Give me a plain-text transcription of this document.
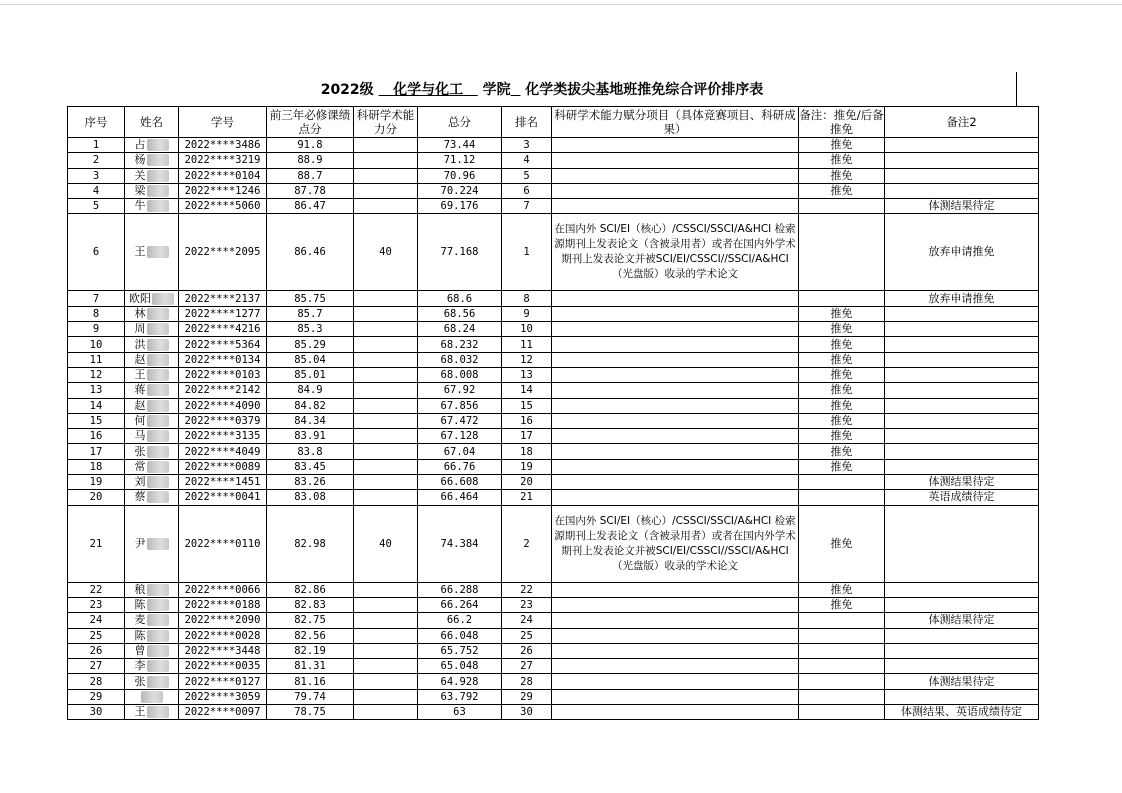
2022级 化学与化工 学院 化学类拔尖基地班推免综合评价排序表
序号	姓名	学号	前三年必修课绩点分	科研学术能力分	总分	排名	科研学术能力赋分项目（具体竞赛项目、科研成果）	备注：推免/后备推免	备注2
1	占	2022****3486	91.8		73.44	3		推免	
2	杨	2022****3219	88.9		71.12	4		推免	
3	关	2022****0104	88.7		70.96	5		推免	
4	梁	2022****1246	87.78		70.224	6		推免	
5	牛	2022****5060	86.47		69.176	7			体测结果待定
6	王	2022****2095	86.46	40	77.168	1	在国内外 SCI/EI（核心）/CSSCI/SSCI/A&HCI 检索源期刊上发表论文（含被录用者）或者在国内外学术期刊上发表论文并被SCI/EI/CSSCI//SSCI/A&HCI（光盘版）收录的学术论文		放弃申请推免
7	欧阳	2022****2137	85.75		68.6	8			放弃申请推免
8	林	2022****1277	85.7		68.56	9		推免	
9	周	2022****4216	85.3		68.24	10		推免	
10	洪	2022****5364	85.29		68.232	11		推免	
11	赵	2022****0134	85.04		68.032	12		推免	
12	王	2022****0103	85.01		68.008	13		推免	
13	蒋	2022****2142	84.9		67.92	14		推免	
14	赵	2022****4090	84.82		67.856	15		推免	
15	何	2022****0379	84.34		67.472	16		推免	
16	马	2022****3135	83.91		67.128	17		推免	
17	张	2022****4049	83.8		67.04	18		推免	
18	常	2022****0089	83.45		66.76	19		推免	
19	刘	2022****1451	83.26		66.608	20			体测结果待定
20	蔡	2022****0041	83.08		66.464	21			英语成绩待定
21	尹	2022****0110	82.98	40	74.384	2	在国内外 SCI/EI（核心）/CSSCI/SSCI/A&HCI 检索源期刊上发表论文（含被录用者）或者在国内外学术期刊上发表论文并被SCI/EI/CSSCI//SSCI/A&HCI（光盘版）收录的学术论文	推免	
22	稂	2022****0066	82.86		66.288	22		推免	
23	陈	2022****0188	82.83		66.264	23		推免	
24	麦	2022****2090	82.75		66.2	24			体测结果待定
25	陈	2022****0028	82.56		66.048	25			
26	曾	2022****3448	82.19		65.752	26			
27	李	2022****0035	81.31		65.048	27			
28	张	2022****0127	81.16		64.928	28			体测结果待定
29		2022****3059	79.74		63.792	29			
30	王	2022****0097	78.75		63	30			体测结果、英语成绩待定
